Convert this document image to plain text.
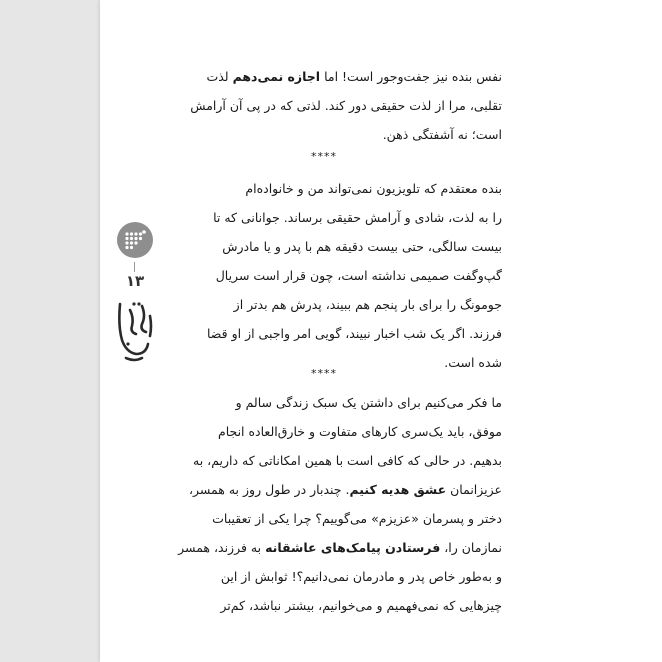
۱۳
زندگی
نفس بنده نیز جفت‌وجور است! اما اجازه نمی‌دهم لذت
تقلبی، مرا از لذت حقیقی دور کند. لذتی که در پی آن آرامش
است؛ نه آشفتگی ذهن.
****
بنده معتقدم که تلویزیون نمی‌تواند من و خانواده‌ام
را به لذت، شادی و آرامش حقیقی برساند. جوانانی که تا
بیست سالگی، حتی بیست دقیقه هم با پدر و یا مادرش
گپ‌وگفت صمیمی نداشته است، چون قرار است سریال
جومونگ را برای بار پنجم هم ببیند، پدرش هم بدتر از
فرزند. اگر یک شب اخبار نبیند، گویی امر واجبی از او قضا
شده است.
****
ما فکر می‌کنیم برای داشتن یک سبک زندگی سالم و
موفق، باید یک‌سری کارهای متفاوت و خارق‌العاده انجام
بدهیم. در حالی که کافی است با همین امکاناتی که داریم، به
عزیزانمان عشق هدیه کنیم. چندبار در طول روز به همسر،
دختر و پسرمان «عزیزم» می‌گوییم؟ چرا یکی از تعقیبات
نمازمان را، فرستادن پیامک‌های عاشقانه به فرزند، همسر
و به‌طور خاص پدر و مادرمان نمی‌دانیم؟! ثوابش از این
چیزهایی که نمی‌فهمیم و می‌خوانیم، بیشتر نباشد، کم‌تر
